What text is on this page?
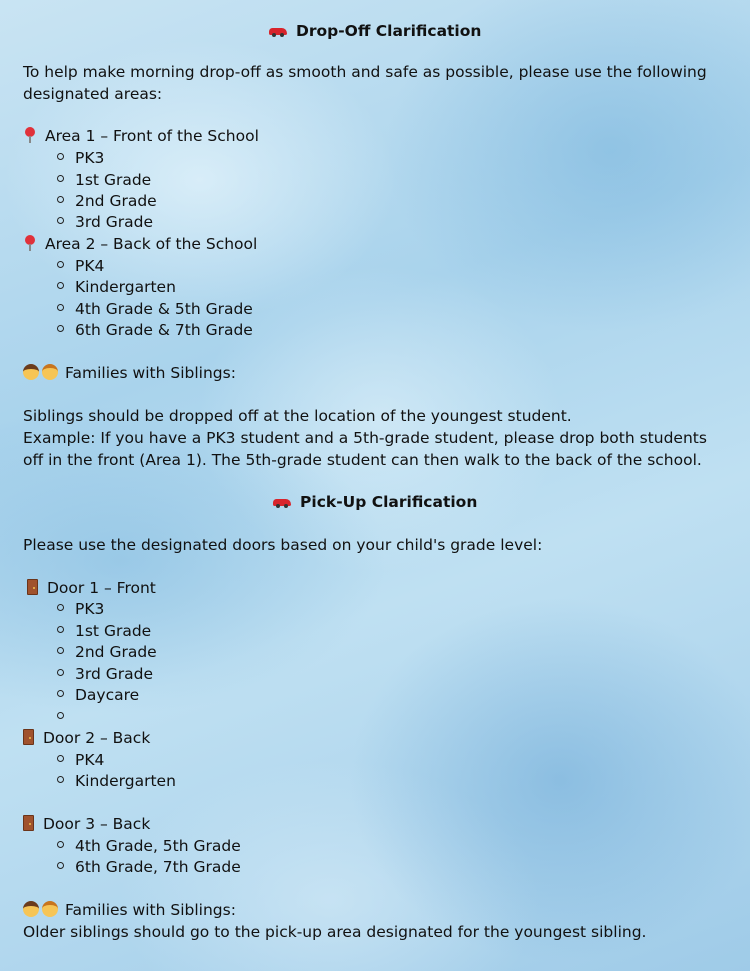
Drop-Off Clarification
To help make morning drop-off as smooth and safe as possible, please use the following designated areas:
Area 1 – Front of the School
PK3
1st Grade
2nd Grade
3rd Grade
Area 2 – Back of the School
PK4
Kindergarten
4th Grade & 5th Grade
6th Grade & 7th Grade
Families with Siblings:
Siblings should be dropped off at the location of the youngest student.
Example: If you have a PK3 student and a 5th-grade student, please drop both students off in the front (Area 1). The 5th-grade student can then walk to the back of the school.
Pick-Up Clarification
Please use the designated doors based on your child's grade level:
Door 1 – Front
PK3
1st Grade
2nd Grade
3rd Grade
Daycare
Door 2 – Back
PK4
Kindergarten
Door 3 – Back
4th Grade, 5th Grade
6th Grade, 7th Grade
Families with Siblings:
Older siblings should go to the pick-up area designated for the youngest sibling.
